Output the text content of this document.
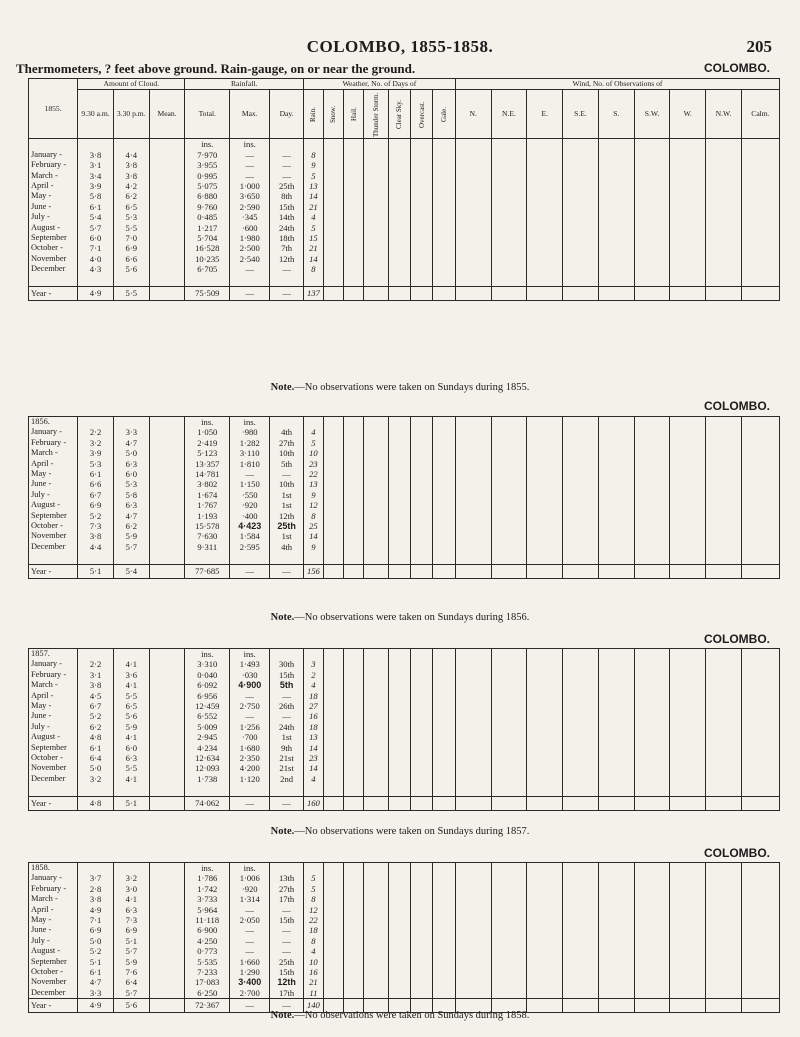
COLOMBO, 1855-1858.	205
Thermometers, ? feet above ground. Rain-gauge, on or near the ground.	COLOMBO.
1855.	Amount of Cloud.			Rainfall.			Weather, No. of Days of							Wind, No. of Observations of								
	9.30 a.m.	3.30 p.m.	Mean.	Total.	Max.	Day.	Rain.	Snow.	Hail.	Thunder Storm.	Clear Sky.	Overcast.	Gale.	N.	N.E.	E.	S.E.	S.	S.W.	W.	N.W.	Calm.
				ins.	ins.																	
January -	3·8	4·4		7·970	—	—	8															
February -	3·1	3·8		3·955	—	—	9															
March -	3·4	3·8		0·995	—	—	5															
April -	3·9	4·2		5·075	1·000	25th	13															
May -	5·8	6·2		6·880	3·650	8th	14															
June -	6·1	6·5		9·760	2·590	15th	21															
July -	5·4	5·3		0·485	·345	14th	4															
August -	5·7	5·5		1·217	·600	24th	5															
September	6·0	7·0		5·704	1·980	18th	15															
October -	7·1	6·9		16·528	2·500	7th	21															
November	4·0	6·6		10·235	2·540	12th	14															
December	4·3	5·6		6·705	—	—	8															

Year -	4·9	5·5		75·509	—	—	137															
Note.—No observations were taken on Sundays during 1855.
COLOMBO.
1856.				ins.	ins.																	
January -	2·2	3·3		1·050	·980	4th	4															
February -	3·2	4·7		2·419	1·282	27th	5															
March -	3·9	5·0		5·123	3·110	10th	10															
April -	5·3	6·3		13·357	1·810	5th	23															
May -	6·1	6·0		14·781	—	—	22															
June -	6·6	5·3		3·802	1·150	10th	13															
July -	6·7	5·8		1·674	·550	1st	9															
August -	6·9	6·3		1·767	·920	1st	12															
September	5·2	4·7		1·193	·400	12th	8															
October -	7·3	6·2		15·578	4·423	25th	25															
November	3·8	5·9		7·630	1·584	1st	14															
December	4·4	5·7		9·311	2·595	4th	9															

Year -	5·1	5·4		77·685	—	—	156															
Note.—No observations were taken on Sundays during 1856.
COLOMBO.
1857.				ins.	ins.																	
January -	2·2	4·1		3·310	1·493	30th	3															
February -	3·1	3·6		0·040	·030	15th	2															
March -	3·8	4·1		6·092	4·900	5th	4															
April -	4·5	5·5		6·956	—	—	18															
May -	6·7	6·5		12·459	2·750	26th	27															
June -	5·2	5·6		6·552	—	—	16															
July -	6·2	5·9		5·009	1·256	24th	18															
August -	4·8	4·1		2·945	·700	1st	13															
September	6·1	6·0		4·234	1·680	9th	14															
October -	6·4	6·3		12·634	2·350	21st	23															
November	5·0	5·5		12·093	4·200	21st	14															
December	3·2	4·1		1·738	1·120	2nd	4															

Year -	4·8	5·1		74·062	—	—	160															
Note.—No observations were taken on Sundays during 1857.
COLOMBO.
1858.				ins.	ins.																	
January -	3·7	3·2		1·786	1·006	13th	5															
February -	2·8	3·0		1·742	·920	27th	5															
March -	3·8	4·1		3·733	1·314	17th	8															
April -	4·9	6·3		5·964	—	—	12															
May -	7·1	7·3		11·118	2·050	15th	22															
June -	6·9	6·9		6·900	—	—	18															
July -	5·0	5·1		4·250	—	—	8															
August -	5·2	5·7		0·773	—	—	4															
September	5·1	5·9		5·535	1·660	25th	10															
October -	6·1	7·6		7·233	1·290	15th	16															
November	4·7	6·4		17·083	3·400	12th	21															
December	3·3	5·7		6·250	2·700	17th	11															
Year -	4·9	5·6		72·367	—	—	140															
Note.—No observations were taken on Sundays during 1858.
